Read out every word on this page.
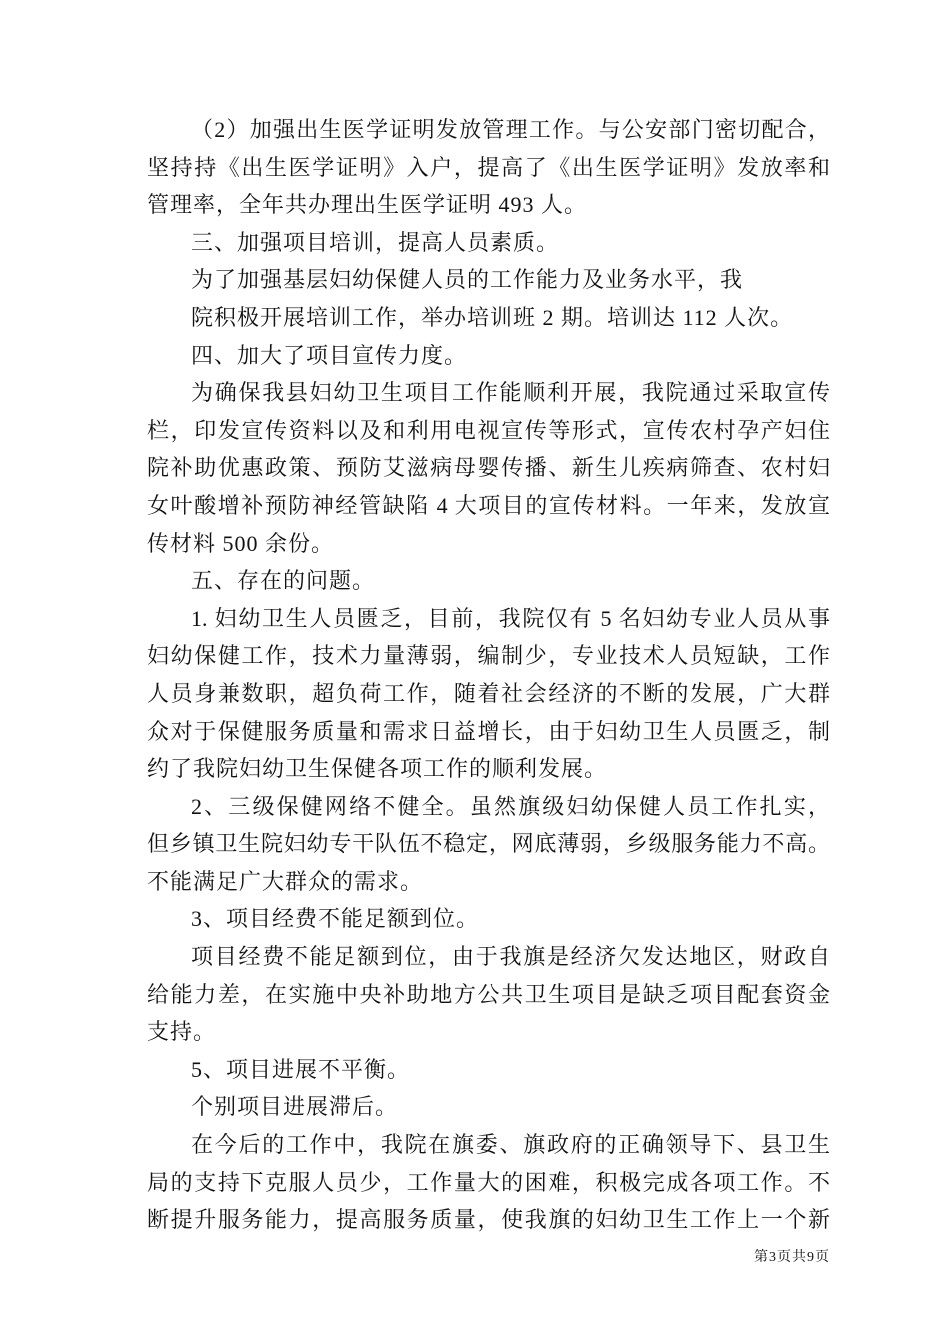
（2）加强出生医学证明发放管理工作。与公安部门密切配合，
坚持持《出生医学证明》入户，提高了《出生医学证明》发放率和
管理率，全年共办理出生医学证明 493 人。
三、加强项目培训，提高人员素质。
为了加强基层妇幼保健人员的工作能力及业务水平，我
院积极开展培训工作，举办培训班 2 期。培训达 112 人次。
四、加大了项目宣传力度。
为确保我县妇幼卫生项目工作能顺利开展，我院通过采取宣传
栏，印发宣传资料以及和利用电视宣传等形式，宣传农村孕产妇住
院补助优惠政策、预防艾滋病母婴传播、新生儿疾病筛查、农村妇
女叶酸增补预防神经管缺陷 4 大项目的宣传材料。一年来，发放宣
传材料 500 余份。
五、存在的问题。
1. 妇幼卫生人员匮乏，目前，我院仅有 5 名妇幼专业人员从事
妇幼保健工作，技术力量薄弱，编制少，专业技术人员短缺，工作
人员身兼数职，超负荷工作，随着社会经济的不断的发展，广大群
众对于保健服务质量和需求日益增长，由于妇幼卫生人员匮乏，制
约了我院妇幼卫生保健各项工作的顺利发展。
2、三级保健网络不健全。虽然旗级妇幼保健人员工作扎实，
但乡镇卫生院妇幼专干队伍不稳定，网底薄弱，乡级服务能力不高。
不能满足广大群众的需求。
3、项目经费不能足额到位。
项目经费不能足额到位，由于我旗是经济欠发达地区，财政自
给能力差，在实施中央补助地方公共卫生项目是缺乏项目配套资金
支持。
5、项目进展不平衡。
个别项目进展滞后。
在今后的工作中，我院在旗委、旗政府的正确领导下、县卫生
局的支持下克服人员少，工作量大的困难，积极完成各项工作。不
断提升服务能力，提高服务质量，使我旗的妇幼卫生工作上一个新
第3页共9页
